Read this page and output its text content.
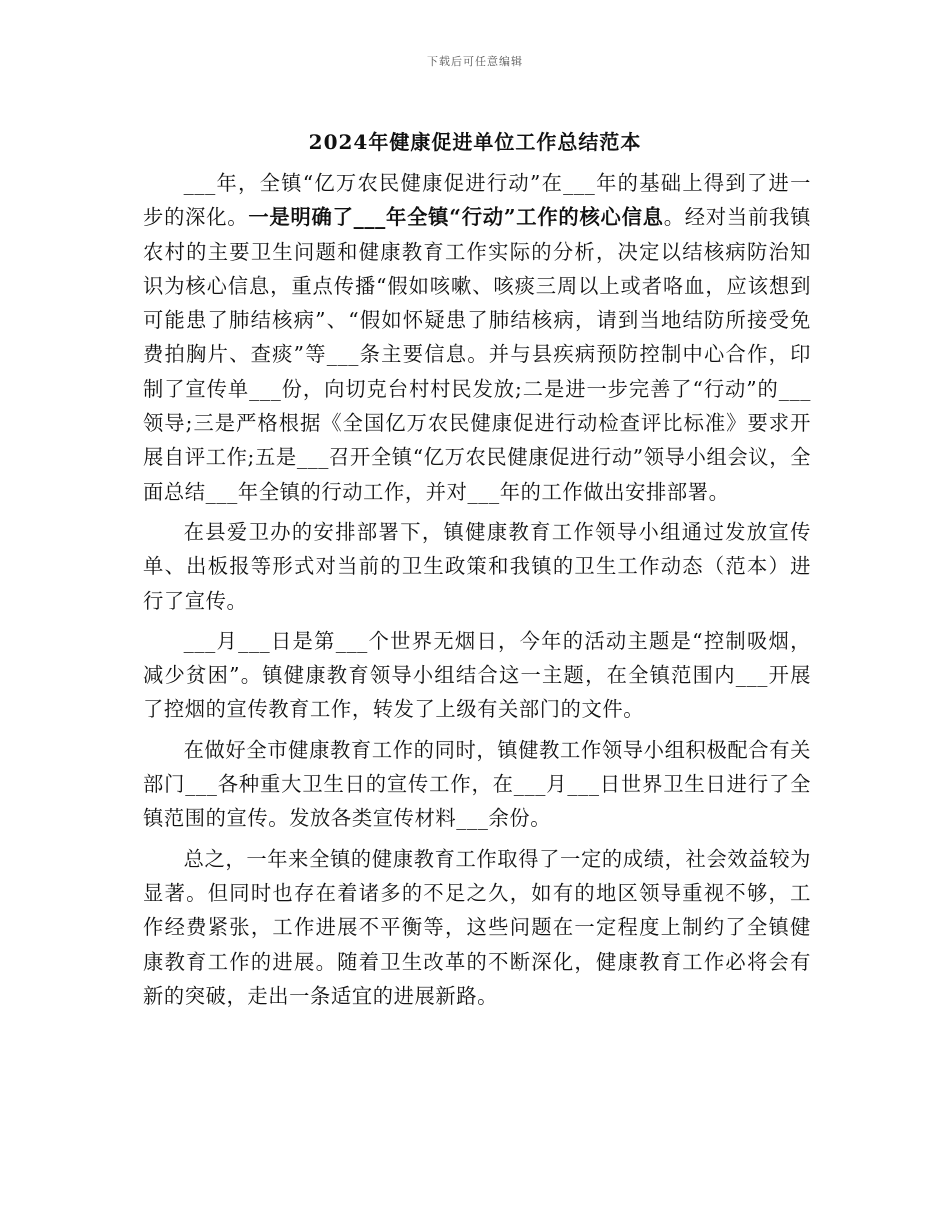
下载后可任意编辑
2024年健康促进单位工作总结范本

___年，全镇“亿万农民健康促进行动”在___年的基础上得到了进一步的深化。一是明确了___年全镇“行动”工作的核心信息。经对当前我镇农村的主要卫生问题和健康教育工作实际的分析，决定以结核病防治知识为核心信息，重点传播“假如咳嗽、咳痰三周以上或者咯血，应该想到可能患了肺结核病”、“假如怀疑患了肺结核病，请到当地结防所接受免费拍胸片、查痰”等___条主要信息。并与县疾病预防控制中心合作，印制了宣传单___份，向切克台村村民发放;二是进一步完善了“行动”的___领导;三是严格根据《全国亿万农民健康促进行动检查评比标准》要求开展自评工作;五是___召开全镇“亿万农民健康促进行动”领导小组会议，全面总结___年全镇的行动工作，并对___年的工作做出安排部署。

在县爱卫办的安排部署下，镇健康教育工作领导小组通过发放宣传单、出板报等形式对当前的卫生政策和我镇的卫生工作动态（范本）进行了宣传。

___月___日是第___个世界无烟日，今年的活动主题是“控制吸烟，减少贫困”。镇健康教育领导小组结合这一主题，在全镇范围内___开展了控烟的宣传教育工作，转发了上级有关部门的文件。

在做好全市健康教育工作的同时，镇健教工作领导小组积极配合有关部门___各种重大卫生日的宣传工作，在___月___日世界卫生日进行了全镇范围的宣传。发放各类宣传材料___余份。

总之，一年来全镇的健康教育工作取得了一定的成绩，社会效益较为显著。但同时也存在着诸多的不足之久，如有的地区领导重视不够，工作经费紧张，工作进展不平衡等，这些问题在一定程度上制约了全镇健康教育工作的进展。随着卫生改革的不断深化，健康教育工作必将会有新的突破，走出一条适宜的进展新路。
